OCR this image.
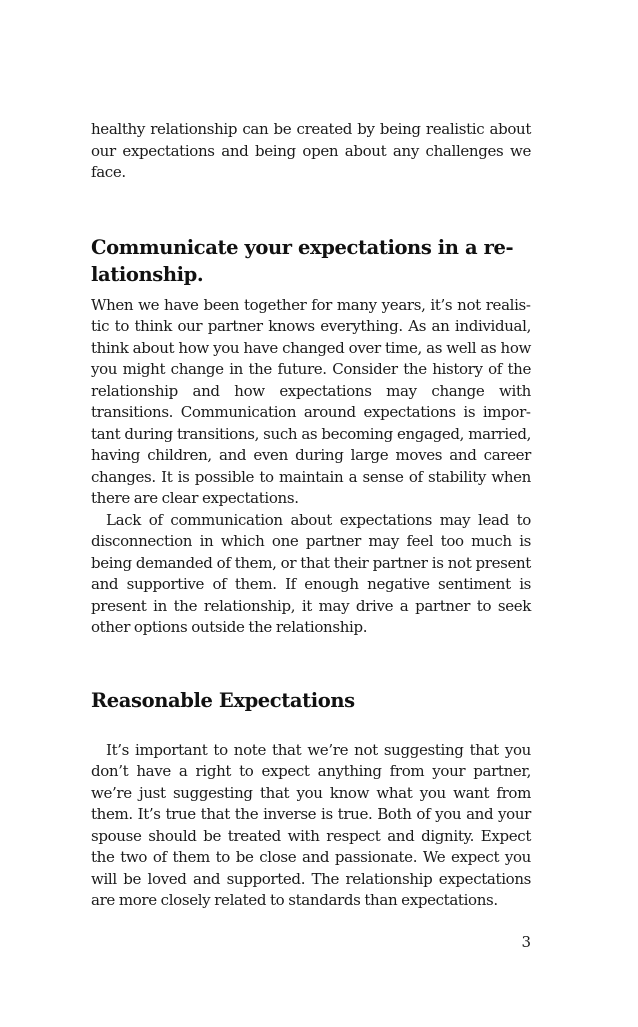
healthy relationship can be created by being realistic about our expectations and being open about any challenges we face.

Communicate your expectations in a relationship.

When we have been together for many years, it’s not realistic to think our partner knows everything. As an individual, think about how you have changed over time, as well as how you might change in the future. Consider the history of the relationship and how expectations may change with transitions. Communication around expectations is important during transitions, such as becoming engaged, married, having children, and even during large moves and career changes. It is possible to maintain a sense of stability when there are clear expectations.

Lack of communication about expectations may lead to disconnection in which one partner may feel too much is being demanded of them, or that their partner is not present and supportive of them. If enough negative sentiment is present in the relationship, it may drive a partner to seek other options outside the relationship.

Reasonable Expectations

It’s important to note that we’re not suggesting that you don’t have a right to expect anything from your partner, we’re just suggesting that you know what you want from them. It’s true that the inverse is true. Both of you and your spouse should be treated with respect and dignity. Expect the two of them to be close and passionate. We expect you will be loved and supported. The relationship expectations are more closely related to standards than expectations.

3
